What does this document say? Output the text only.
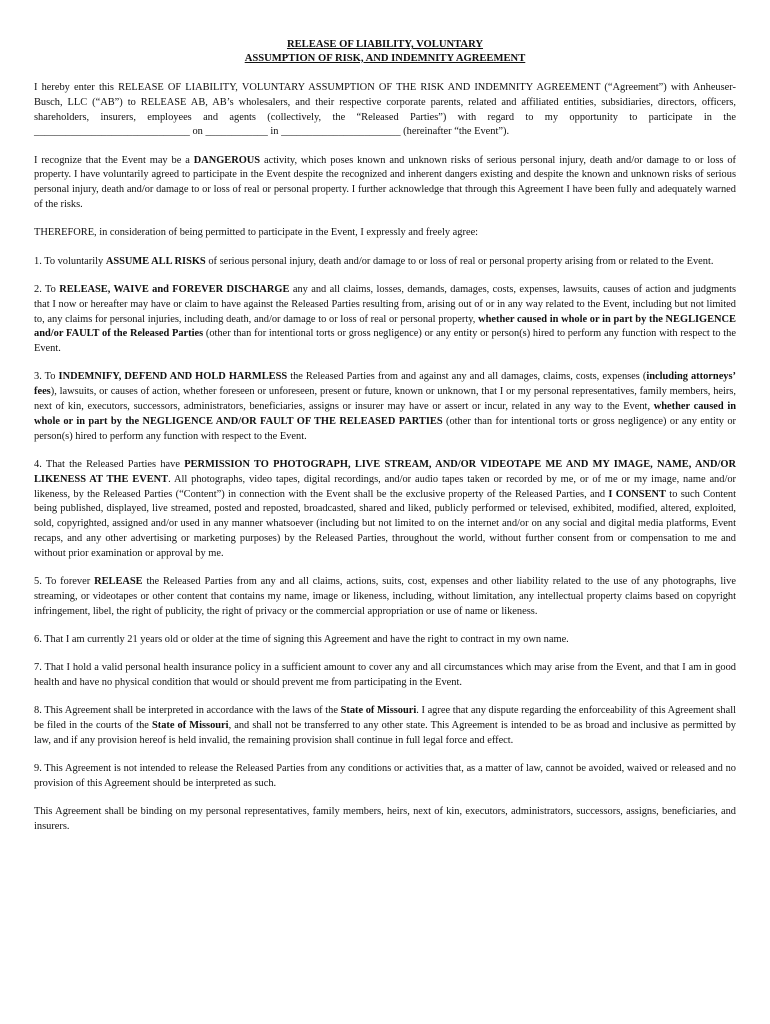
RELEASE OF LIABILITY, VOLUNTARY

ASSUMPTION OF RISK, AND INDEMNITY AGREEMENT

I hereby enter this RELEASE OF LIABILITY, VOLUNTARY ASSUMPTION OF THE RISK AND INDEMNITY AGREEMENT (“Agreement”) with Anheuser-Busch, LLC (“AB”) to RELEASE AB, AB’s wholesalers, and their respective corporate parents, related and affiliated entities, subsidiaries, directors, officers, shareholders, insurers, employees and agents (collectively, the “Released Parties”) with regard to my opportunity to participate in the ______________________________ on ____________ in _______________________ (hereinafter “the Event”).

I recognize that the Event may be a DANGEROUS activity, which poses known and unknown risks of serious personal injury, death and/or damage to or loss of property. I have voluntarily agreed to participate in the Event despite the recognized and inherent dangers existing and despite the known and unknown risks of serious personal injury, death and/or damage to or loss of real or personal property. I further acknowledge that through this Agreement I have been fully and adequately warned of the risks.

THEREFORE, in consideration of being permitted to participate in the Event, I expressly and freely agree:

1. To voluntarily ASSUME ALL RISKS of serious personal injury, death and/or damage to or loss of real or personal property arising from or related to the Event.

2. To RELEASE, WAIVE and FOREVER DISCHARGE any and all claims, losses, demands, damages, costs, expenses, lawsuits, causes of action and judgments that I now or hereafter may have or claim to have against the Released Parties resulting from, arising out of or in any way related to the Event, including but not limited to, any claims for personal injuries, including death, and/or damage to or loss of real or personal property, whether caused in whole or in part by the NEGLIGENCE and/or FAULT of the Released Parties (other than for intentional torts or gross negligence) or any entity or person(s) hired to perform any function with respect to the Event.

3. To INDEMNIFY, DEFEND AND HOLD HARMLESS the Released Parties from and against any and all damages, claims, costs, expenses (including attorneys’ fees), lawsuits, or causes of action, whether foreseen or unforeseen, present or future, known or unknown, that I or my personal representatives, family members, heirs, next of kin, executors, successors, administrators, beneficiaries, assigns or insurer may have or assert or incur, related in any way to the Event, whether caused in whole or in part by the NEGLIGENCE AND/OR FAULT OF THE RELEASED PARTIES (other than for intentional torts or gross negligence) or any entity or person(s) hired to perform any function with respect to the Event.

4. That the Released Parties have PERMISSION TO PHOTOGRAPH, LIVE STREAM, AND/OR VIDEOTAPE ME AND MY IMAGE, NAME, AND/OR LIKENESS AT THE EVENT. All photographs, video tapes, digital recordings, and/or audio tapes taken or recorded by me, or of me or my image, name and/or likeness, by the Released Parties (“Content”) in connection with the Event shall be the exclusive property of the Released Parties, and I CONSENT to such Content being published, displayed, live streamed, posted and reposted, broadcasted, shared and liked, publicly performed or televised, exhibited, modified, altered, exploited, sold, copyrighted, assigned and/or used in any manner whatsoever (including but not limited to on the internet and/or on any social and digital media platforms, Event recaps, and any other advertising or marketing purposes) by the Released Parties, throughout the world, without further consent from or compensation to me and without prior examination or approval by me.

5. To forever RELEASE the Released Parties from any and all claims, actions, suits, cost, expenses and other liability related to the use of any photographs, live streaming, or videotapes or other content that contains my name, image or likeness, including, without limitation, any intellectual property claims based on copyright infringement, libel, the right of publicity, the right of privacy or the commercial appropriation or use of name or likeness.

6. That I am currently 21 years old or older at the time of signing this Agreement and have the right to contract in my own name.

7. That I hold a valid personal health insurance policy in a sufficient amount to cover any and all circumstances which may arise from the Event, and that I am in good health and have no physical condition that would or should prevent me from participating in the Event.

8. This Agreement shall be interpreted in accordance with the laws of the State of Missouri. I agree that any dispute regarding the enforceability of this Agreement shall be filed in the courts of the State of Missouri, and shall not be transferred to any other state. This Agreement is intended to be as broad and inclusive as permitted by law, and if any provision hereof is held invalid, the remaining provision shall continue in full legal force and effect.

9. This Agreement is not intended to release the Released Parties from any conditions or activities that, as a matter of law, cannot be avoided, waived or released and no provision of this Agreement should be interpreted as such.

This Agreement shall be binding on my personal representatives, family members, heirs, next of kin, executors, administrators, successors, assigns, beneficiaries, and insurers.
